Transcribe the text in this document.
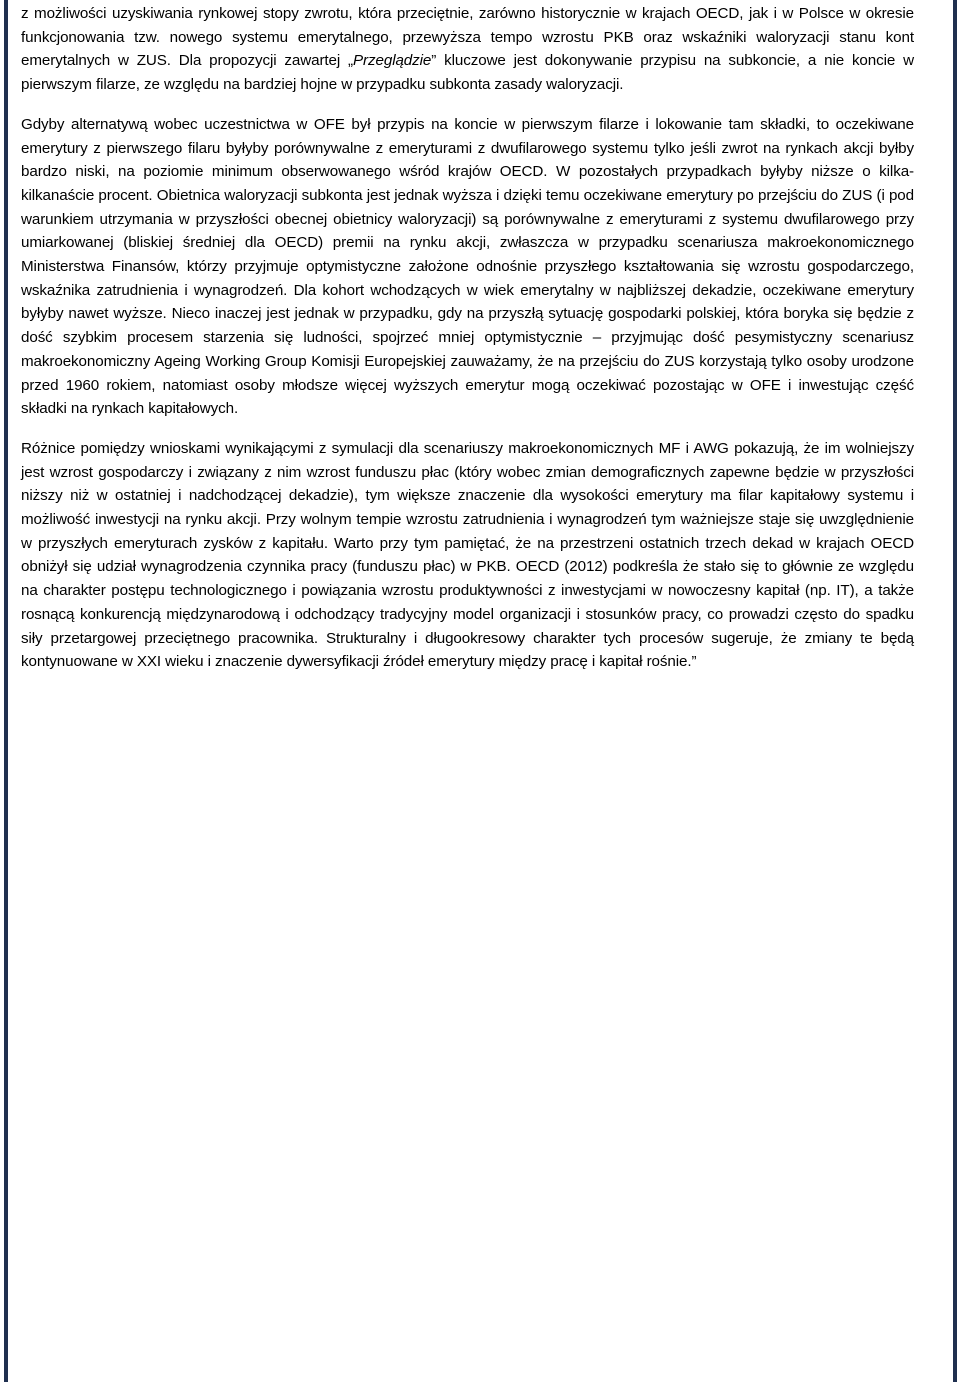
z możliwości uzyskiwania rynkowej stopy zwrotu, która przeciętnie, zarówno historycznie w krajach OECD, jak i w Polsce w okresie funkcjonowania tzw. nowego systemu emerytalnego, przewyższa tempo wzrostu PKB oraz wskaźniki waloryzacji stanu kont emerytalnych w ZUS. Dla propozycji zawartej „Przeglądzie” kluczowe jest dokonywanie przypisu na subkoncie, a nie koncie w pierwszym filarze, ze względu na bardziej hojne w przypadku subkonta zasady waloryzacji.

Gdyby alternatywą wobec uczestnictwa w OFE był przypis na koncie w pierwszym filarze i lokowanie tam składki, to oczekiwane emerytury z pierwszego filaru byłyby porównywalne z emeryturami z dwufilarowego systemu tylko jeśli zwrot na rynkach akcji byłby bardzo niski, na poziomie minimum obserwowanego wśród krajów OECD. W pozostałych przypadkach byłyby niższe o kilka-kilkanaście procent. Obietnica waloryzacji subkonta jest jednak wyższa i dzięki temu oczekiwane emerytury po przejściu do ZUS (i pod warunkiem utrzymania w przyszłości obecnej obietnicy waloryzacji) są porównywalne z emeryturami z systemu dwufilarowego przy umiarkowanej (bliskiej średniej dla OECD) premii na rynku akcji, zwłaszcza w przypadku scenariusza makroekonomicznego Ministerstwa Finansów, którzy przyjmuje optymistyczne założone odnośnie przyszłego kształtowania się wzrostu gospodarczego, wskaźnika zatrudnienia i wynagrodzeń. Dla kohort wchodzących w wiek emerytalny w najbliższej dekadzie, oczekiwane emerytury byłyby nawet wyższe. Nieco inaczej jest jednak w przypadku, gdy na przyszłą sytuację gospodarki polskiej, która boryka się będzie z dość szybkim procesem starzenia się ludności, spojrzeć mniej optymistycznie – przyjmując dość pesymistyczny scenariusz makroekonomiczny Ageing Working Group Komisji Europejskiej zauważamy, że na przejściu do ZUS korzystają tylko osoby urodzone przed 1960 rokiem, natomiast osoby młodsze więcej wyższych emerytur mogą oczekiwać pozostając w OFE i inwestując część składki na rynkach kapitałowych.

Różnice pomiędzy wnioskami wynikającymi z symulacji dla scenariuszy makroekonomicznych MF i AWG pokazują, że im wolniejszy jest wzrost gospodarczy i związany z nim wzrost funduszu płac (który wobec zmian demograficznych zapewne będzie w przyszłości niższy niż w ostatniej i nadchodzącej dekadzie), tym większe znaczenie dla wysokości emerytury ma filar kapitałowy systemu i możliwość inwestycji na rynku akcji. Przy wolnym tempie wzrostu zatrudnienia i wynagrodzeń tym ważniejsze staje się uwzględnienie w przyszłych emeryturach zysków z kapitału. Warto przy tym pamiętać, że na przestrzeni ostatnich trzech dekad w krajach OECD obniżył się udział wynagrodzenia czynnika pracy (funduszu płac) w PKB. OECD (2012) podkreśla że stało się to głównie ze względu na charakter postępu technologicznego i powiązania wzrostu produktywności z inwestycjami w nowoczesny kapitał (np. IT), a także rosnącą konkurencją międzynarodową i odchodzący tradycyjny model organizacji i stosunków pracy, co prowadzi często do spadku siły przetargowej przeciętnego pracownika. Strukturalny i długookresowy charakter tych procesów sugeruje, że zmiany te będą kontynuowane w XXI wieku i znaczenie dywersyfikacji źródeł emerytury między pracę i kapitał rośnie.”
